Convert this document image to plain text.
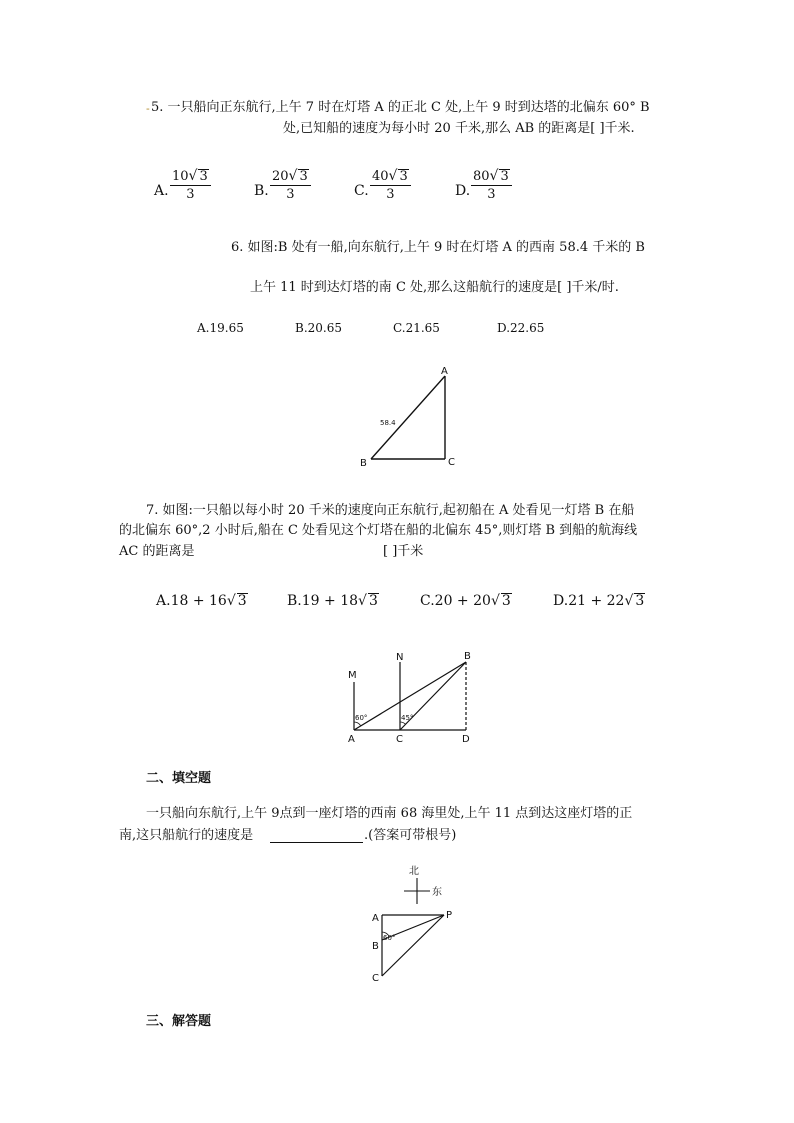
- 5. 一只船向正东航行,上午 7 时在灯塔 A 的正北 C 处,上午 9 时到达塔的北偏东 60° B
处,已知船的速度为每小时 20 千米,那么 AB 的距离是[ ]千米.
A. $\frac{10√ 3}{3}$	B. $\frac{20√ 3}{3}$	C. $\frac{40√ 3}{3}$	D. $\frac{80√ 3}{3}$
6. 如图:B 处有一船,向东航行,上午 9 时在灯塔 A 的西南 58.4 千米的 B
上午 11 时到达灯塔的南 C 处,那么这船航行的速度是[ ]千米/时.
A.19.65	B.20.65	C.21.65	D.22.65
A
B	C
58.4
7. 如图:一只船以每小时 20 千米的速度向正东航行,起初船在 A 处看见一灯塔 B 在船
的北偏东 60°,2 小时后,船在 C 处看见这个灯塔在船的北偏东 45°,则灯塔 B 到船的航海线
AC 的距离是	[ ]千米
A.18 + 16√ 3	B.19 + 18√ 3	C.20 + 20√ 3	D.21 + 22√ 3
M
N	B
A	C	D
60°	45°
二、填空题
一只船向东航行,上午 9点到一座灯塔的西南 68 海里处,上午 11 点到达这座灯塔的正
南,这只船航行的速度是	.(答案可带根号)
北
东
A
B
C
P
60°
三、解答题
